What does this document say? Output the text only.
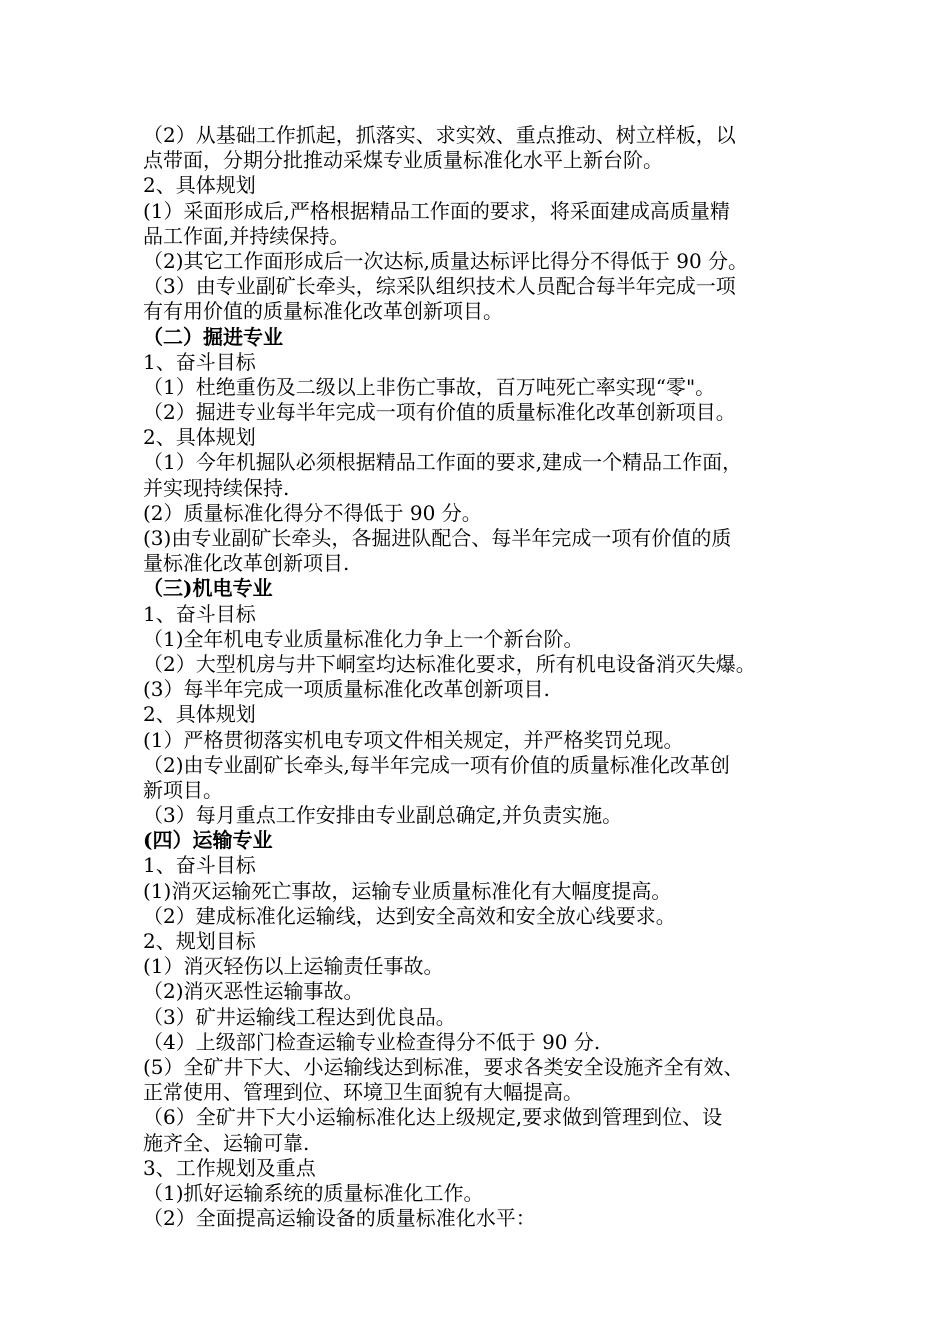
（2）从基础工作抓起，抓落实、求实效、重点推动、树立样板，以
点带面，分期分批推动采煤专业质量标准化水平上新台阶。
2、具体规划
(1）采面形成后,严格根据精品工作面的要求，将采面建成高质量精
品工作面,并持续保持。
（2)其它工作面形成后一次达标,质量达标评比得分不得低于 90 分。
（3）由专业副矿长牵头，综采队组织技术人员配合每半年完成一项
有有用价值的质量标准化改革创新项目。
（二）掘进专业
1、奋斗目标
（1）杜绝重伤及二级以上非伤亡事故，百万吨死亡率实现“零"。
（2）掘进专业每半年完成一项有价值的质量标准化改革创新项目。
2、具体规划
（1）今年机掘队必须根据精品工作面的要求,建成一个精品工作面，
并实现持续保持.
(2）质量标准化得分不得低于 90 分。
(3)由专业副矿长牵头，各掘进队配合、每半年完成一项有价值的质
量标准化改革创新项目.
（三)机电专业
1、奋斗目标
（1)全年机电专业质量标准化力争上一个新台阶。
（2）大型机房与井下峒室均达标准化要求，所有机电设备消灭失爆。
(3）每半年完成一项质量标准化改革创新项目.
2、具体规划
(1）严格贯彻落实机电专项文件相关规定，并严格奖罚兑现。
（2)由专业副矿长牵头,每半年完成一项有价值的质量标准化改革创
新项目。
（3）每月重点工作安排由专业副总确定,并负责实施。
(四）运输专业
1、奋斗目标
(1)消灭运输死亡事故，运输专业质量标准化有大幅度提高。
（2）建成标准化运输线，达到安全高效和安全放心线要求。
2、规划目标
(1）消灭轻伤以上运输责任事故。
（2)消灭恶性运输事故。
（3）矿井运输线工程达到优良品。
（4）上级部门检查运输专业检查得分不低于 90 分.
(5）全矿井下大、小运输线达到标准，要求各类安全设施齐全有效、
正常使用、管理到位、环境卫生面貌有大幅提高。
（6）全矿井下大小运输标准化达上级规定,要求做到管理到位、设
施齐全、运输可靠.
3、工作规划及重点
（1)抓好运输系统的质量标准化工作。
（2）全面提高运输设备的质量标准化水平：
